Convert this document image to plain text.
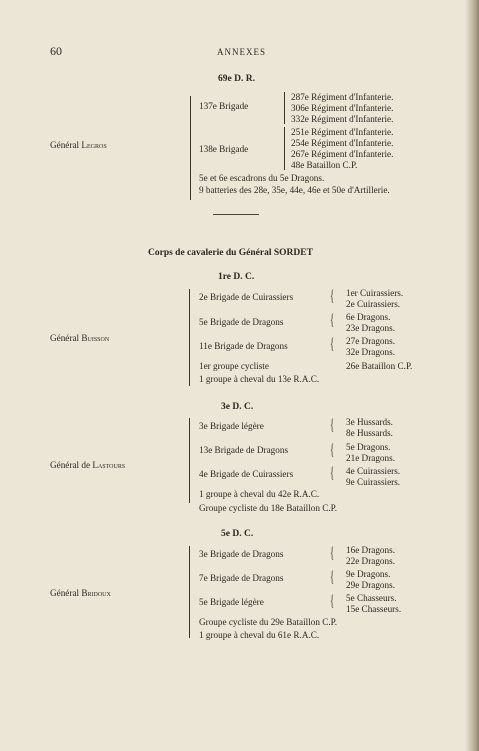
60	ANNEXES
69e D. R.
Général Legros
137e Brigade
138e Brigade
287e Régiment d'Infanterie.
306e Régiment d'Infanterie.
332e Régiment d'Infanterie.
251e Régiment d'Infanterie.
254e Régiment d'Infanterie.
267e Régiment d'Infanterie.
48e Bataillon C.P.
5e et 6e escadrons du 5e Dragons.
9 batteries des 28e, 35e, 44e, 46e et 50e d'Artillerie.
Corps de cavalerie du Général SORDET
1re D. C.
Général Buisson
2e Brigade de Cuirassiers
5e Brigade de Dragons
11e Brigade de Dragons
1er groupe cycliste
1 groupe à cheval du 13e R.A.C.
{
{
{
1er Cuirassiers.
2e Cuirassiers.
6e Dragons.
23e Dragons.
27e Dragons.
32e Dragons.
26e Bataillon C.P.
3e D. C.
Général de Lastours
3e Brigade légère
13e Brigade de Dragons
4e Brigade de Cuirassiers
1 groupe à cheval du 42e R.A.C.
Groupe cycliste du 18e Bataillon C.P.
{
{
{
3e Hussards.
8e Hussards.
5e Dragons.
21e Dragons.
4e Cuirassiers.
9e Cuirassiers.
5e D. C.
Général Bridoux
3e Brigade de Dragons
7e Brigade de Dragons
5e Brigade légère
Groupe cycliste du 29e Bataillon C.P.
1 groupe à cheval du 61e R.A.C.
{
{
{
16e Dragons.
22e Dragons.
9e Dragons.
29e Dragons.
5e Chasseurs.
15e Chasseurs.
